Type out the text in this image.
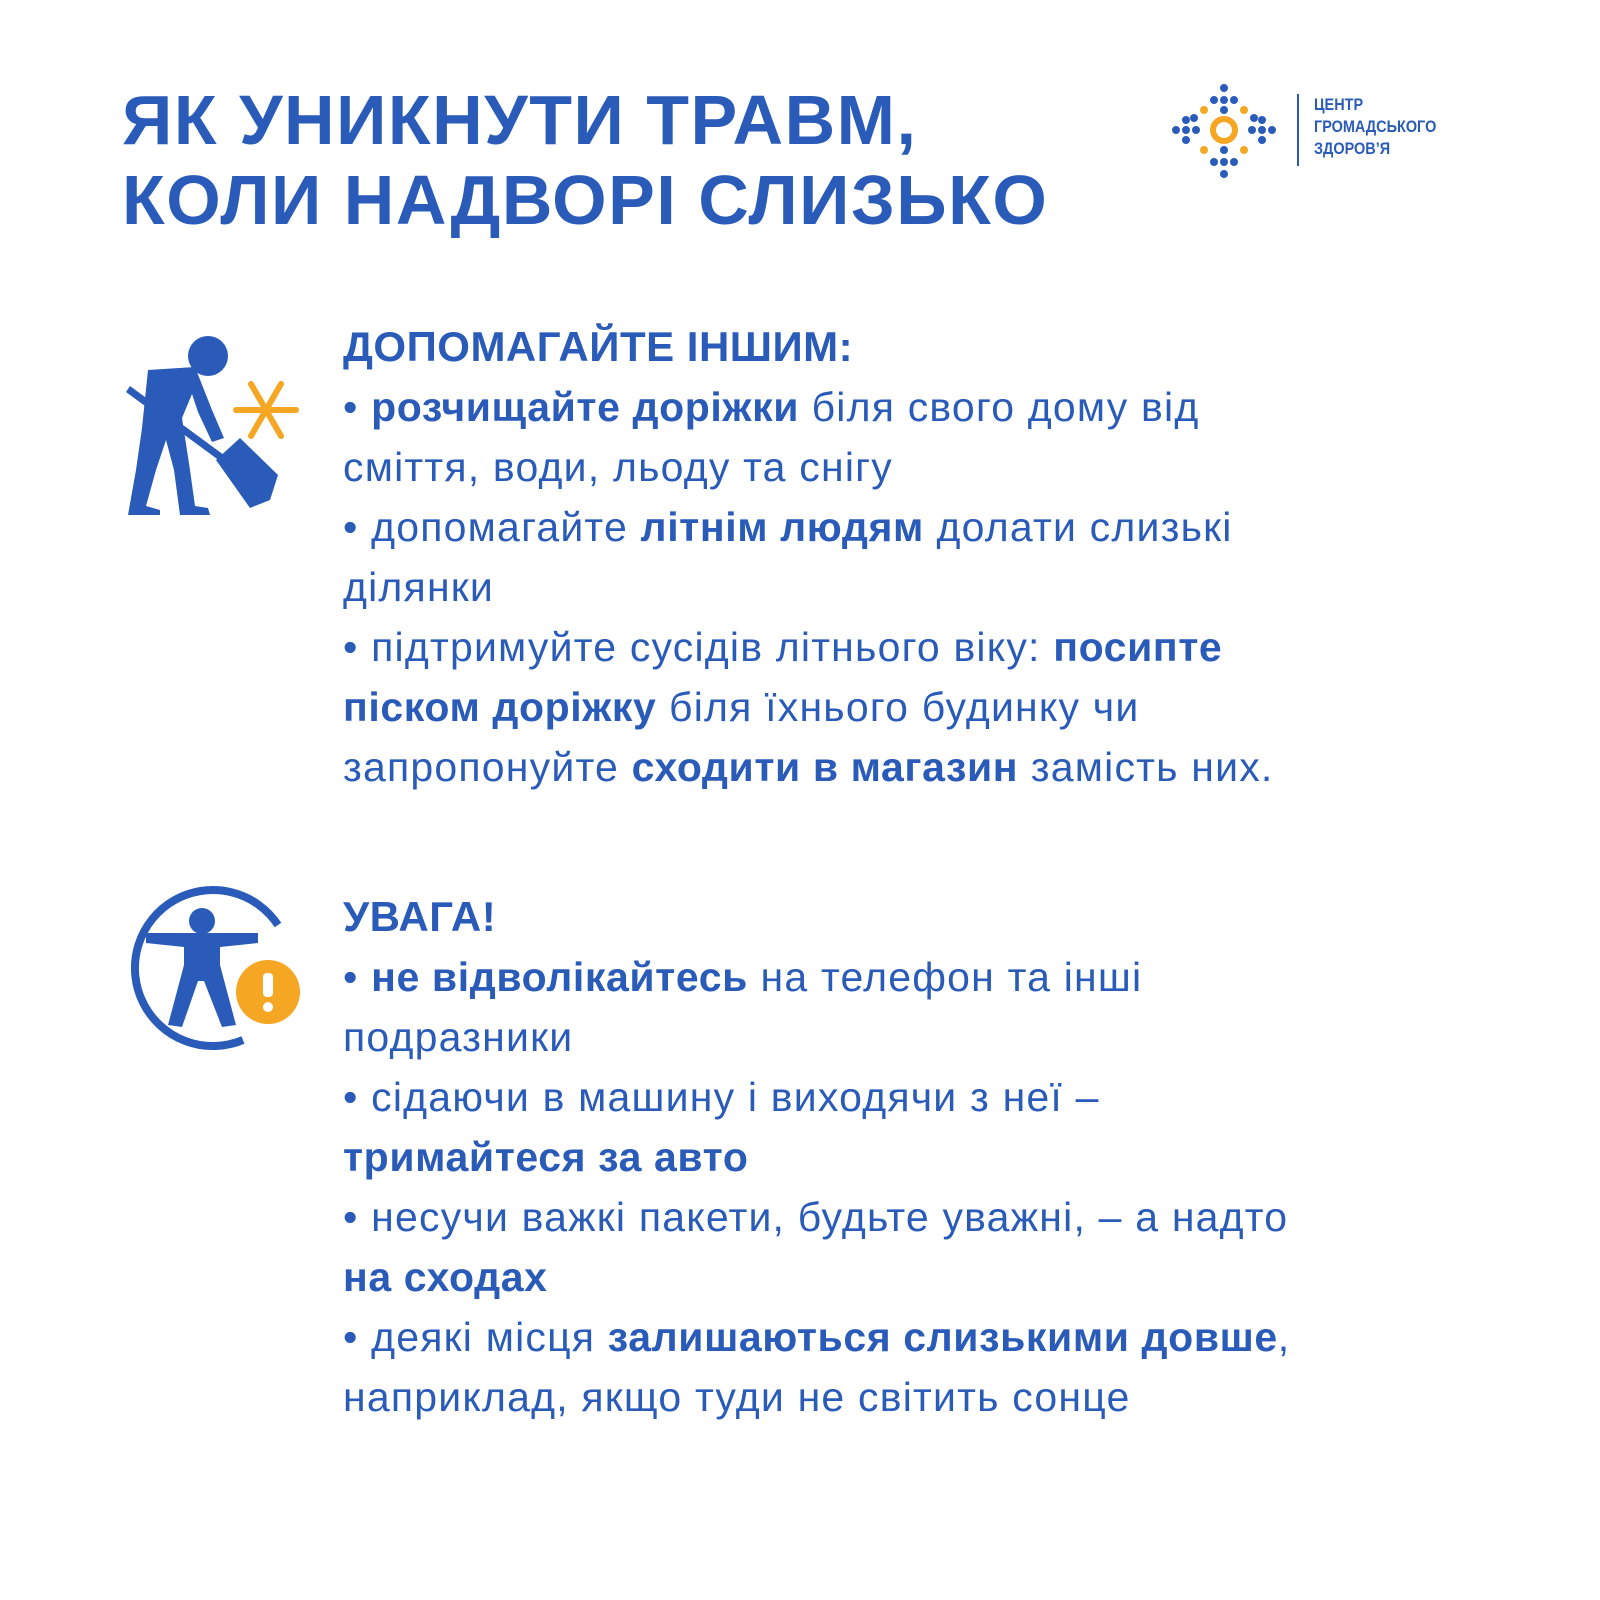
ЯК УНИКНУТИ ТРАВМ,
КОЛИ НАДВОРІ СЛИЗЬКО
ЦЕНТР
ГРОМАДСЬКОГО
ЗДОРОВ’Я
ДОПОМАГАЙТЕ ІНШИМ:
• розчищайте доріжки біля свого дому від
сміття, води, льоду та снігу
• допомагайте літнім людям долати слизькі
ділянки
• підтримуйте сусідів літнього віку: посипте
піском доріжку біля їхнього будинку чи
запропонуйте сходити в магазин замість них.
УВАГА!
• не відволікайтесь на телефон та інші
подразники
• сідаючи в машину і виходячи з неї –
тримайтеся за авто
• несучи важкі пакети, будьте уважні, – а надто
на сходах
• деякі місця залишаються слизькими довше,
наприклад, якщо туди не світить сонце
